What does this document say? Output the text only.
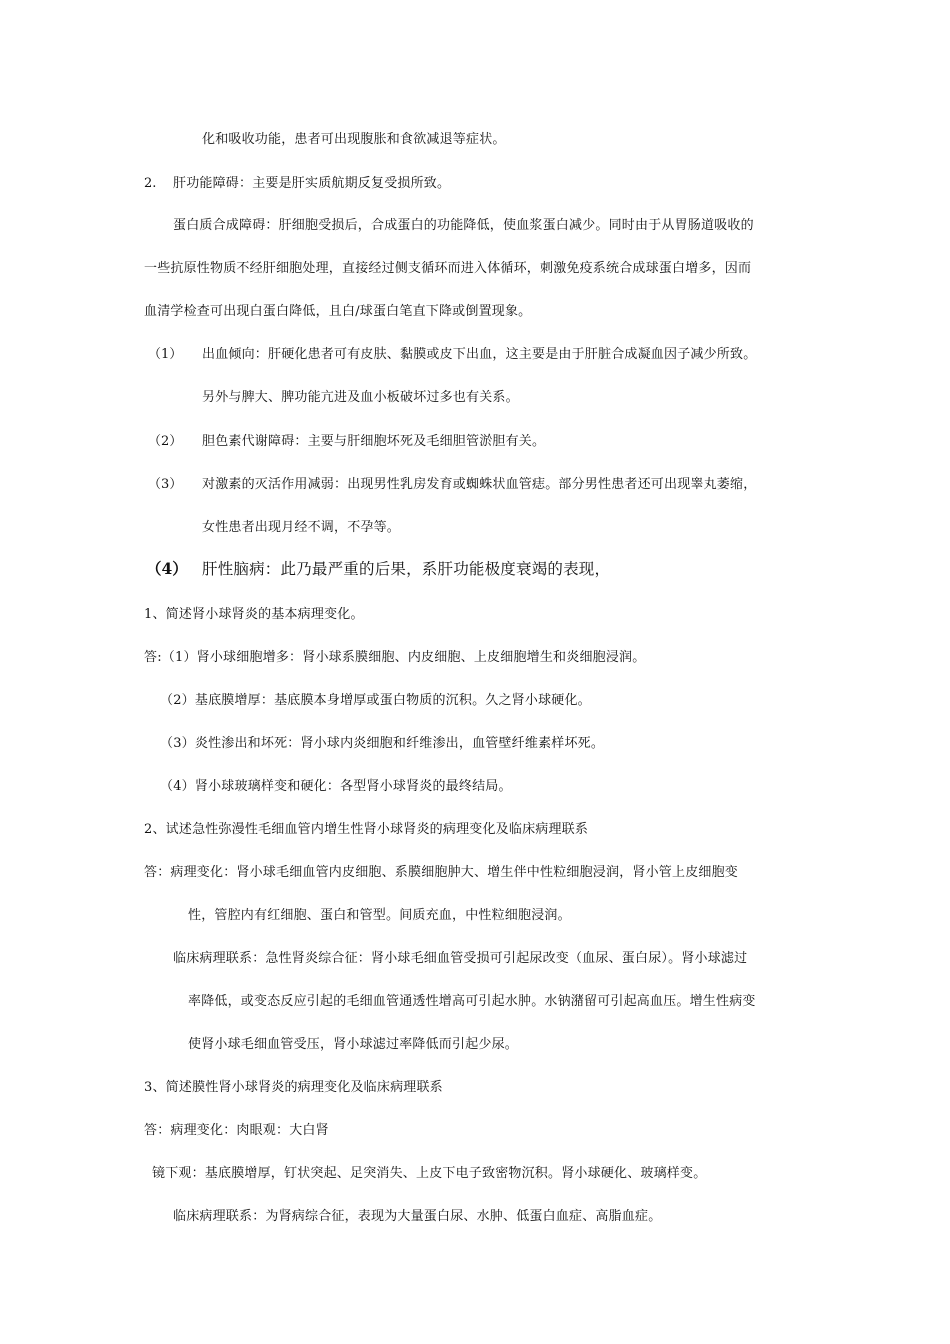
化和吸收功能，患者可出现腹胀和食欲减退等症状。
2. 肝功能障碍：主要是肝实质航期反复受损所致。
蛋白质合成障碍：肝细胞受损后，合成蛋白的功能降低，使血浆蛋白减少。同时由于从胃肠道吸收的
一些抗原性物质不经肝细胞处理，直接经过侧支循环而进入体循环，刺激免疫系统合成球蛋白增多，因而
血清学检查可出现白蛋白降低，且白/球蛋白笔直下降或倒置现象。
（1） 出血倾向：肝硬化患者可有皮肤、黏膜或皮下出血，这主要是由于肝脏合成凝血因子减少所致。
另外与脾大、脾功能亢进及血小板破坏过多也有关系。
（2） 胆色素代谢障碍：主要与肝细胞坏死及毛细胆管淤胆有关。
（3） 对激素的灭活作用减弱：出现男性乳房发育或蜘蛛状血管痣。部分男性患者还可出现睾丸萎缩，
女性患者出现月经不调，不孕等。
（4） 肝性脑病：此乃最严重的后果，系肝功能极度衰竭的表现，
1、简述肾小球肾炎的基本病理变化。
答:（1）肾小球细胞增多：肾小球系膜细胞、内皮细胞、上皮细胞增生和炎细胞浸润。
（2）基底膜增厚：基底膜本身增厚或蛋白物质的沉积。久之肾小球硬化。
（3）炎性渗出和坏死：肾小球内炎细胞和纤维渗出，血管壁纤维素样坏死。
（4）肾小球玻璃样变和硬化：各型肾小球肾炎的最终结局。
2、试述急性弥漫性毛细血管内增生性肾小球肾炎的病理变化及临床病理联系
答：病理变化：肾小球毛细血管内皮细胞、系膜细胞肿大、增生伴中性粒细胞浸润，肾小管上皮细胞变
性，管腔内有红细胞、蛋白和管型。间质充血，中性粒细胞浸润。
临床病理联系：急性肾炎综合征：肾小球毛细血管受损可引起尿改变（血尿、蛋白尿）。肾小球滤过
率降低，或变态反应引起的毛细血管通透性增高可引起水肿。水钠潴留可引起高血压。增生性病变
使肾小球毛细血管受压，肾小球滤过率降低而引起少尿。
3、简述膜性肾小球肾炎的病理变化及临床病理联系
答：病理变化：肉眼观：大白肾
镜下观：基底膜增厚，钉状突起、足突消失、上皮下电子致密物沉积。肾小球硬化、玻璃样变。
临床病理联系：为肾病综合征，表现为大量蛋白尿、水肿、低蛋白血症、高脂血症。
